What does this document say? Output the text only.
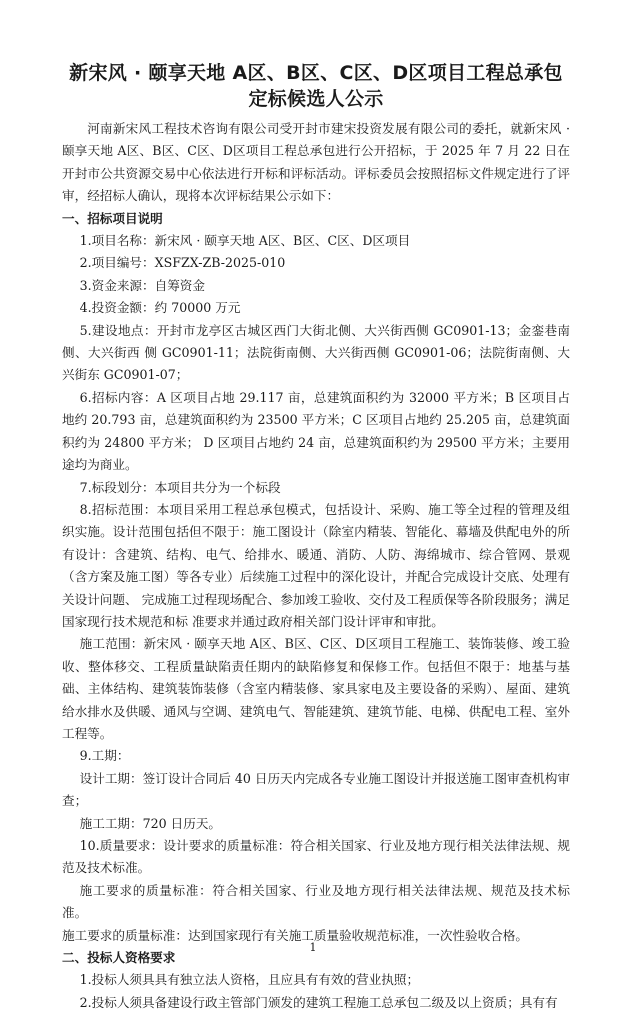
新宋风 · 颐享天地 A区、B区、C区、D区项目工程总承包
定标候选人公示

河南新宋风工程技术咨询有限公司受开封市建宋投资发展有限公司的委托，就新宋风 · 颐享天地 A区、B区、C区、D区项目工程总承包进行公开招标，于 2025 年 7 月 22 日在开封市公共资源交易中心依法进行开标和评标活动。评标委员会按照招标文件规定进行了评审，经招标人确认，现将本次评标结果公示如下：

一、招标项目说明

1.项目名称：新宋风 · 颐享天地 A区、B区、C区、D区项目

2.项目编号：XSFZX-ZB-2025-010

3.资金来源：自筹资金

4.投资金额：约 70000 万元

5.建设地点：开封市龙亭区古城区西门大街北侧、大兴街西侧 GC0901-13；金銮巷南侧、大兴街西 侧 GC0901-11；法院街南侧、大兴街西侧 GC0901-06；法院街南侧、大兴街东 GC0901-07；

6.招标内容：A 区项目占地 29.117 亩，总建筑面积约为 32000 平方米；B 区项目占地约 20.793 亩，总建筑面积约为 23500 平方米；C 区项目占地约 25.205 亩，总建筑面积约为 24800 平方米； D 区项目占地约 24 亩，总建筑面积约为 29500 平方米；主要用途均为商业。

7.标段划分：本项目共分为一个标段

8.招标范围：本项目采用工程总承包模式，包括设计、采购、施工等全过程的管理及组织实施。设计范围包括但不限于：施工图设计（除室内精装、智能化、幕墙及供配电外的所有设计：含建筑、结构、电气、给排水、暖通、消防、人防、海绵城市、综合管网、景观（含方案及施工图）等各专业）后续施工过程中的深化设计，并配合完成设计交底、处理有关设计问题、 完成施工过程现场配合、参加竣工验收、交付及工程质保等各阶段服务；满足国家现行技术规范和标 准要求并通过政府相关部门设计评审和审批。

施工范围：新宋风 · 颐享天地 A区、B区、C区、D区项目工程施工、装饰装修、竣工验收、整体移交、工程质量缺陷责任期内的缺陷修复和保修工作。包括但不限于：地基与基础、主体结构、建筑装饰装修（含室内精装修、家具家电及主要设备的采购）、屋面、建筑给水排水及供暖、通风与空调、建筑电气、智能建筑、建筑节能、电梯、供配电工程、室外工程等。

9.工期：

设计工期：签订设计合同后 40 日历天内完成各专业施工图设计并报送施工图审查机构审查；

施工工期：720 日历天。

10.质量要求：设计要求的质量标准：符合相关国家、行业及地方现行相关法律法规、规范及技术标准。

施工要求的质量标准：符合相关国家、行业及地方现行相关法律法规、规范及技术标准。

施工要求的质量标准：达到国家现行有关施工质量验收规范标准，一次性验收合格。

二、投标人资格要求

1.投标人须具具有独立法人资格，且应具有有效的营业执照；

2.投标人须具备建设行政主管部门颁发的建筑工程施工总承包二级及以上资质；具有有

1
